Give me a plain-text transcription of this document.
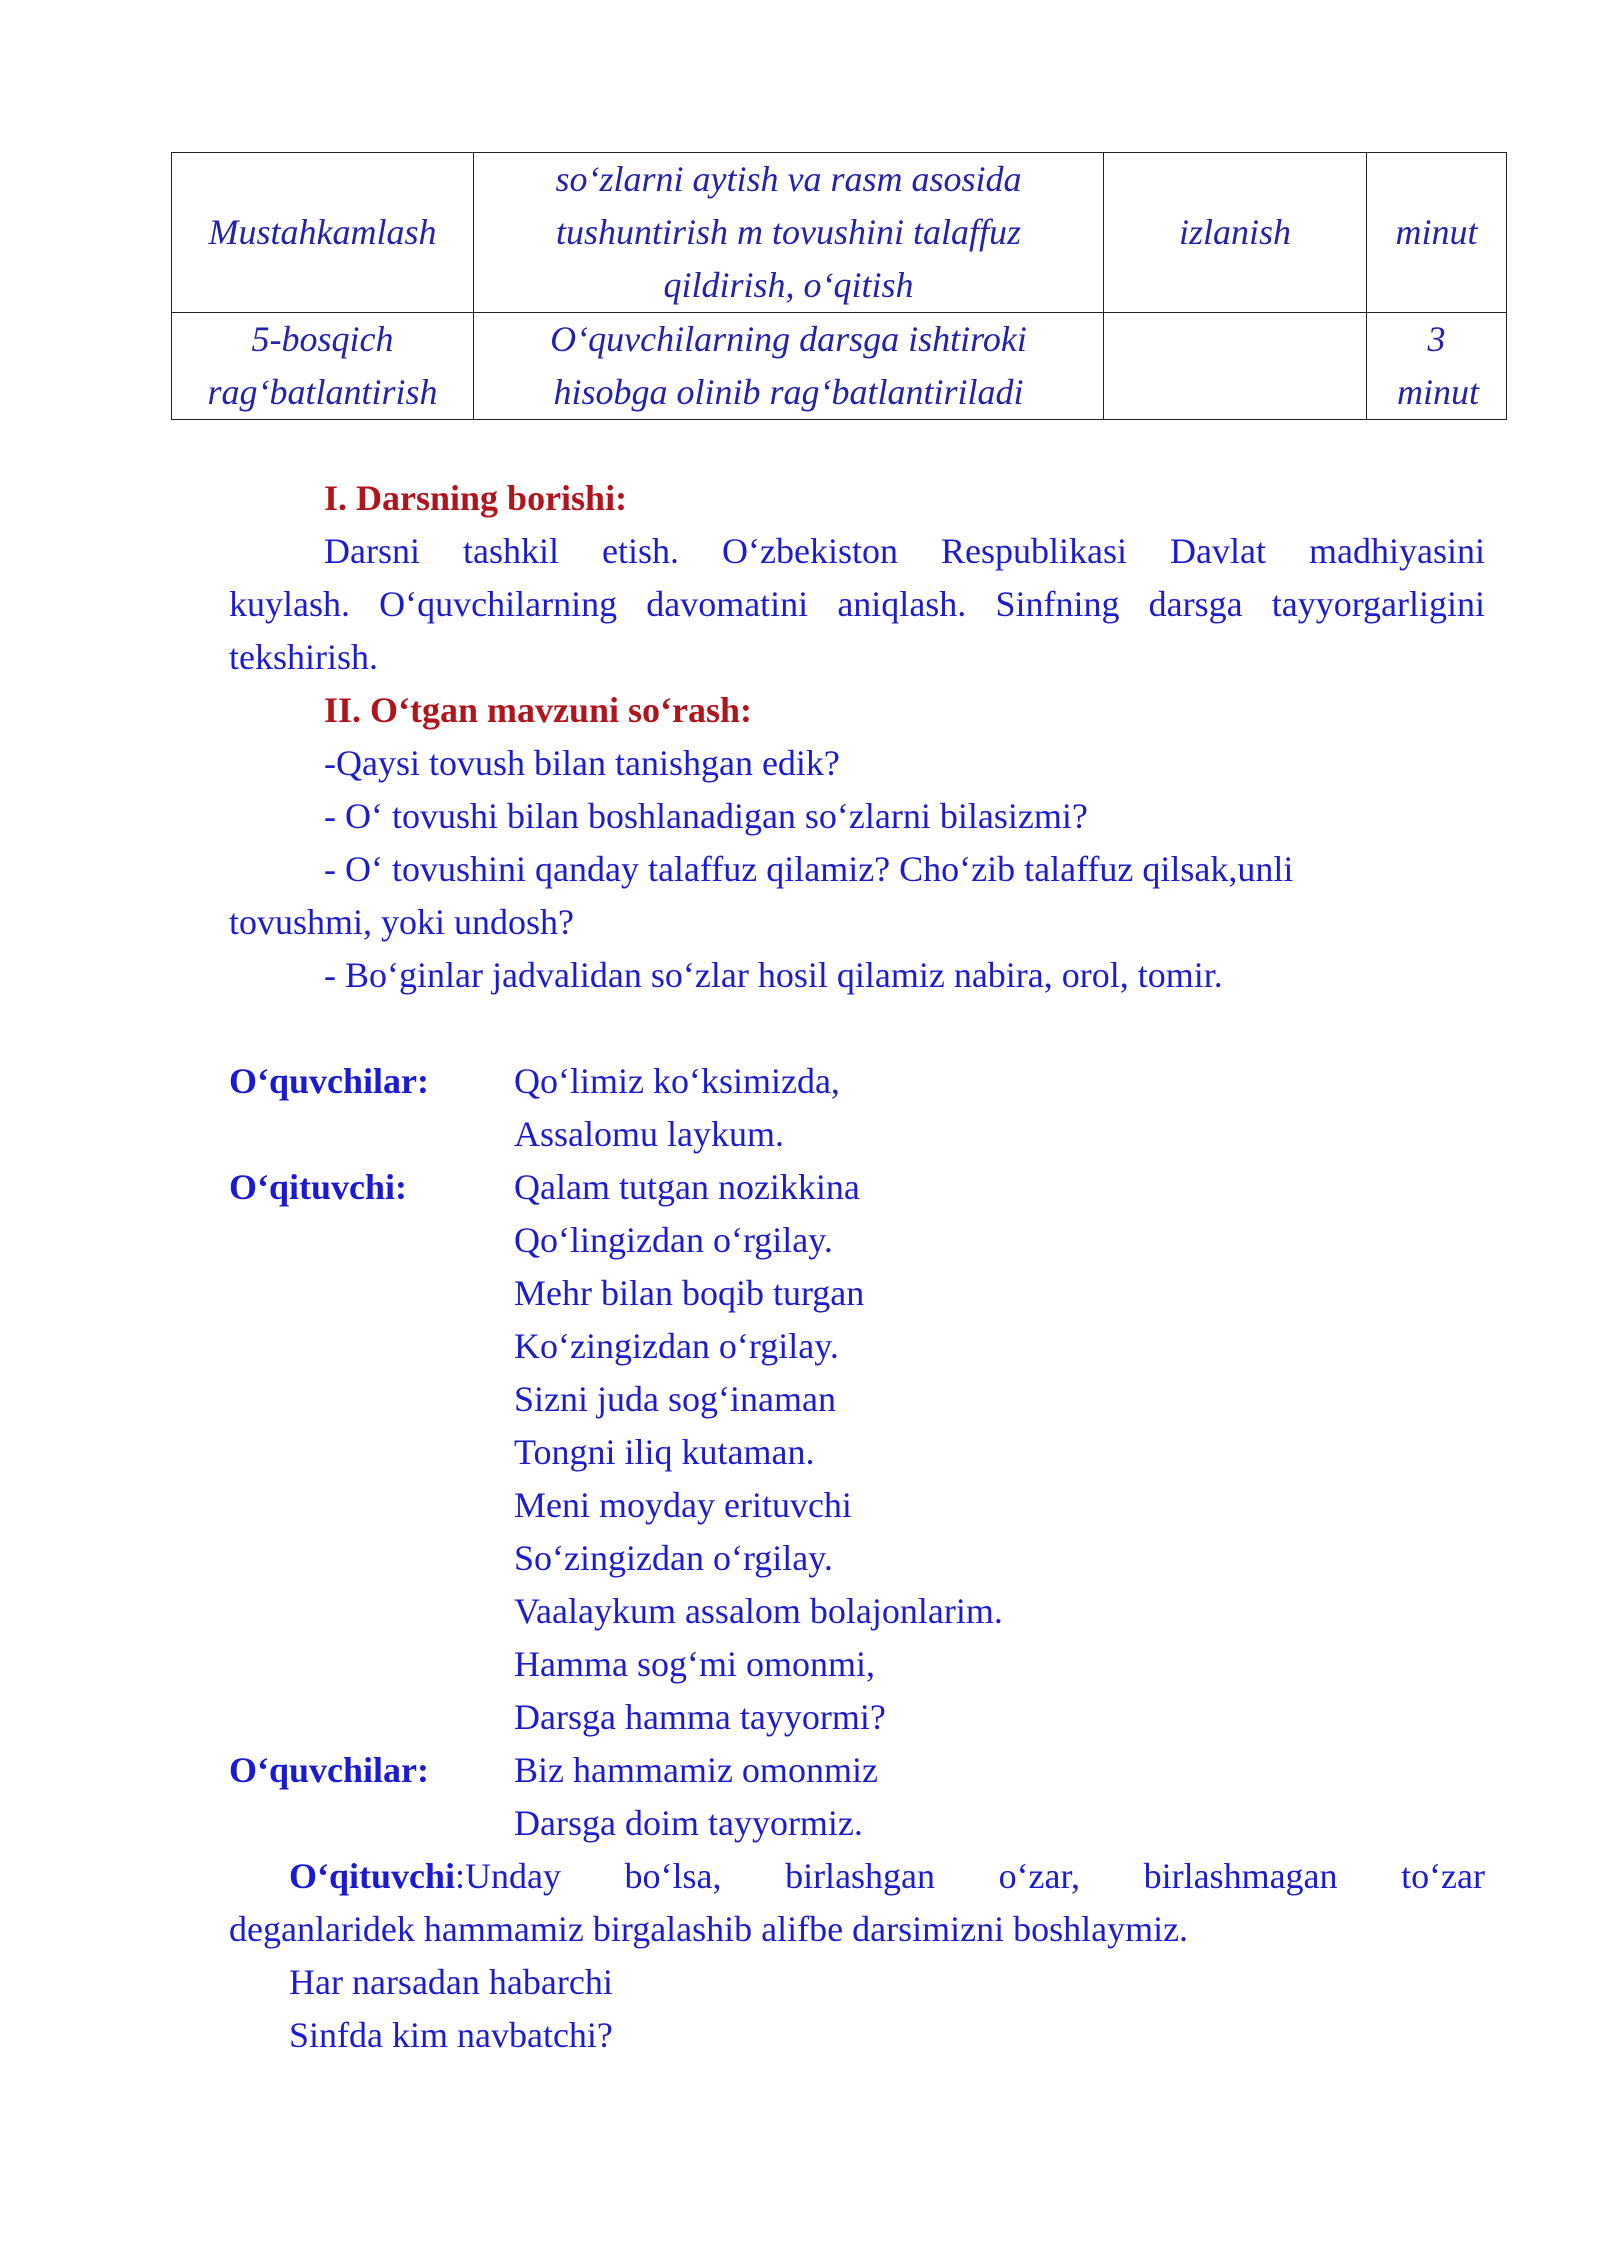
Mustahkamlash	so‘zlarni aytish va rasm asosida tushuntirish m tovushini talaffuz qildirish, o‘qitish	izlanish	minut
5-bosqich rag‘batlantirish	O‘quvchilarning darsga ishtiroki hisobga olinib rag‘batlantiriladi		3 minut
I. Darsning borishi:
Darsni tashkil etish. O‘zbekiston Respublikasi Davlat madhiyasini
kuylash. O‘quvchilarning davomatini aniqlash. Sinfning darsga tayyorgarligini
tekshirish.
II. O‘tgan mavzuni so‘rash:
-Qaysi tovush bilan tanishgan edik?
- O‘ tovushi bilan boshlanadigan so‘zlarni bilasizmi?
- O‘ tovushini qanday talaffuz qilamiz? Cho‘zib talaffuz qilsak,unli
tovushmi, yoki undosh?
- Bo‘ginlar jadvalidan so‘zlar hosil qilamiz nabira, orol, tomir.
O‘quvchilar: Qo‘limiz ko‘ksimizda,
Assalomu laykum.
O‘qituvchi:	Qalam tutgan nozikkina
Qo‘lingizdan o‘rgilay.
Mehr bilan boqib turgan
Ko‘zingizdan o‘rgilay.
Sizni juda sog‘inaman
Tongni iliq kutaman.
Meni moyday erituvchi
So‘zingizdan o‘rgilay.
Vaalaykum assalom bolajonlarim.
Hamma sog‘mi omonmi,
Darsga hamma tayyormi?
O‘quvchilar: Biz hammamiz omonmiz
Darsga doim tayyormiz.
O‘qituvchi : Unday bo‘lsa, birlashgan o‘zar, birlashmagan to‘zar
deganlaridek hammamiz birgalashib alifbe darsimizni boshlaymiz.
Har narsadan habarchi
Sinfda kim navbatchi?
